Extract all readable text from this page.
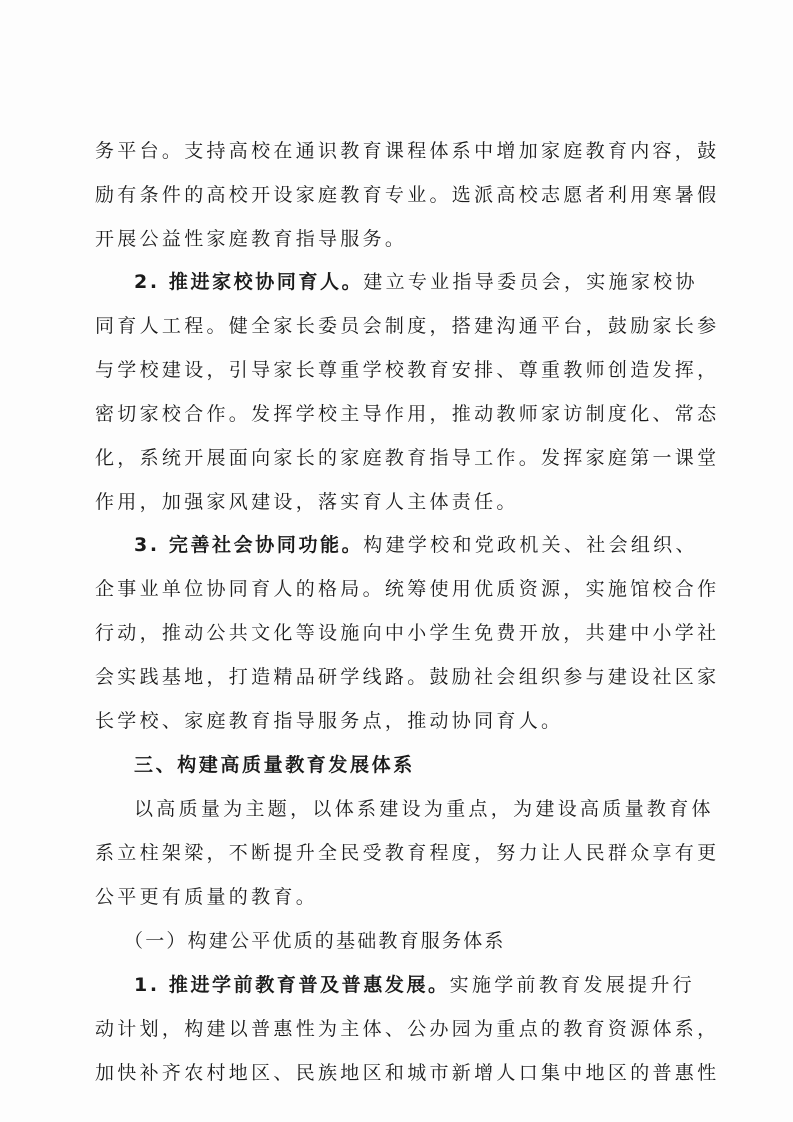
务平台。支持高校在通识教育课程体系中增加家庭教育内容，鼓
励有条件的高校开设家庭教育专业。选派高校志愿者利用寒暑假
开展公益性家庭教育指导服务。
2. 推进家校协同育人。建立专业指导委员会，实施家校协
同育人工程。健全家长委员会制度，搭建沟通平台，鼓励家长参
与学校建设，引导家长尊重学校教育安排、尊重教师创造发挥，
密切家校合作。发挥学校主导作用，推动教师家访制度化、常态
化，系统开展面向家长的家庭教育指导工作。发挥家庭第一课堂
作用，加强家风建设，落实育人主体责任。
3. 完善社会协同功能。构建学校和党政机关、社会组织、
企事业单位协同育人的格局。统筹使用优质资源，实施馆校合作
行动，推动公共文化等设施向中小学生免费开放，共建中小学社
会实践基地，打造精品研学线路。鼓励社会组织参与建设社区家
长学校、家庭教育指导服务点，推动协同育人。
三、构建高质量教育发展体系
以高质量为主题，以体系建设为重点，为建设高质量教育体
系立柱架梁，不断提升全民受教育程度，努力让人民群众享有更
公平更有质量的教育。
（一）构建公平优质的基础教育服务体系
1. 推进学前教育普及普惠发展。实施学前教育发展提升行
动计划，构建以普惠性为主体、公办园为重点的教育资源体系，
加快补齐农村地区、民族地区和城市新增人口集中地区的普惠性
